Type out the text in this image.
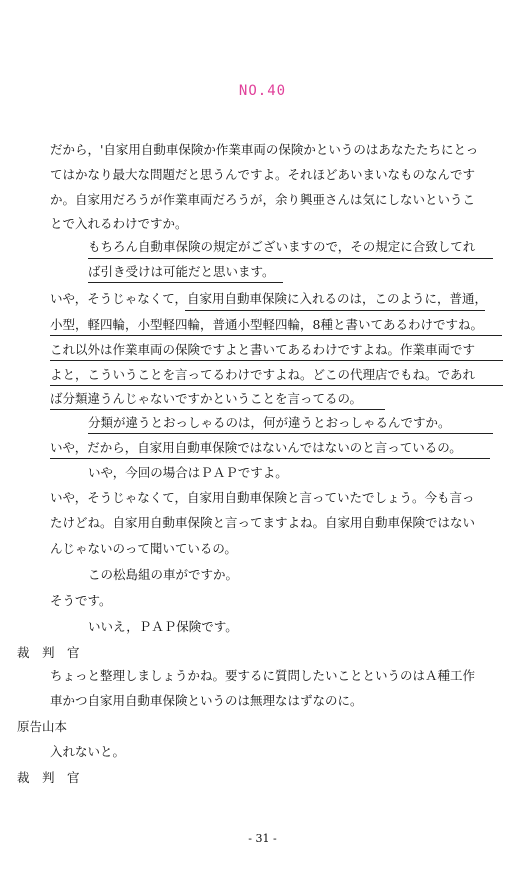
NO.40
だから，'自家用自動車保険か作業車両の保険かというのはあなたたちにとっ
てはかなり最大な問題だと思うんですよ。それほどあいまいなものなんです
か。自家用だろうが作業車両だろうが，余り興亜さんは気にしないというこ
とで入れるわけですか。
もちろん自動車保険の規定がございますので，その規定に合致してれ
ば引き受けは可能だと思います。
いや，そうじゃなくて，自家用自動車保険に入れるのは，このように，普通，
小型，軽四輪，小型軽四輪，普通小型軽四輪，8種と書いてあるわけですね。
これ以外は作業車両の保険ですよと書いてあるわけですよね。作業車両です
よと，こういうことを言ってるわけですよね。どこの代理店でもね。であれ
ば分類違うんじゃないですかということを言ってるの。
分類が違うとおっしゃるのは，何が違うとおっしゃるんですか。
いや，だから，自家用自動車保険ではないんではないのと言っているの。
いや，今回の場合はＰＡＰですよ。
いや，そうじゃなくて，自家用自動車保険と言っていたでしょう。今も言っ
たけどね。自家用自動車保険と言ってますよね。自家用自動車保険ではない
んじゃないのって聞いているの。
この松島組の車がですか。
そうです。
いいえ，ＰＡＰ保険です。
裁　判　官
ちょっと整理しましょうかね。要するに質問したいことというのはＡ種工作
車かつ自家用自動車保険というのは無理なはずなのに。
原告山本
入れないと。
裁　判　官
- 31 -
